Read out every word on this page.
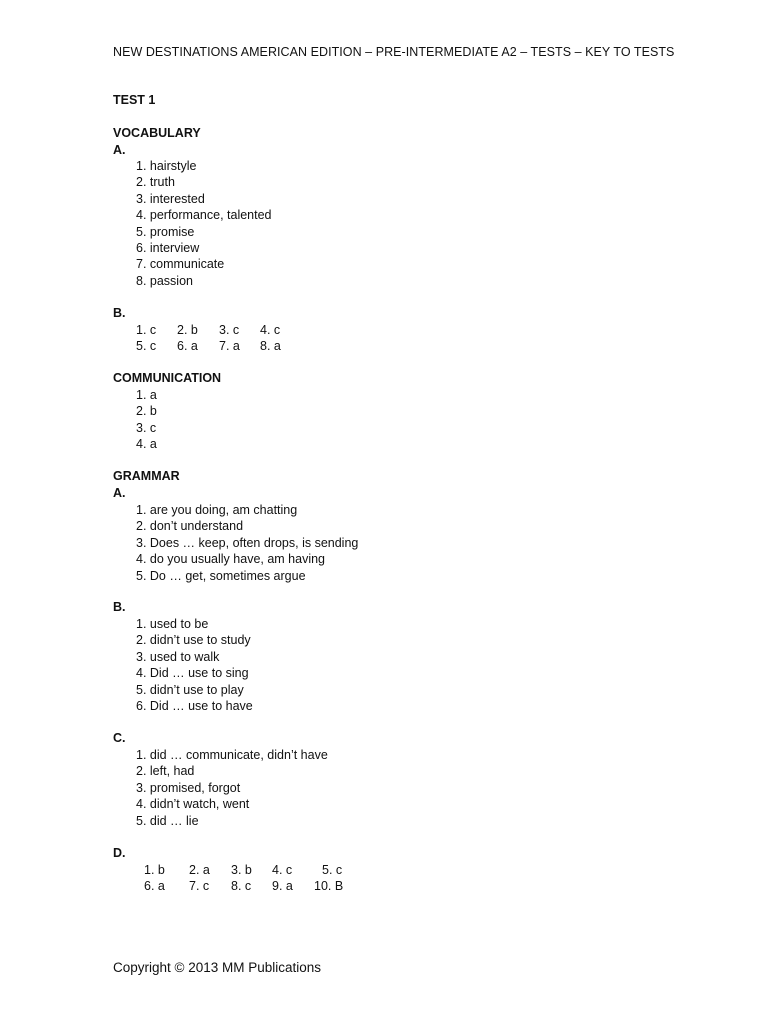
NEW DESTINATIONS AMERICAN EDITION – PRE-INTERMEDIATE A2 – TESTS – KEY TO TESTS
TEST 1
VOCABULARY
A.
1. hairstyle
2. truth
3. interested
4. performance, talented
5. promise
6. interview
7. communicate
8. passion
B.
1. c 2. b 3. c 4. c
5. c 6. a 7. a 8. a
COMMUNICATION
1. a
2. b
3. c
4. a
GRAMMAR
A.
1. are you doing, am chatting
2. don’t understand
3. Does … keep, often drops, is sending
4. do you usually have, am having
5. Do … get, sometimes argue
B.
1. used to be
2. didn’t use to study
3. used to walk
4. Did … use to sing
5. didn’t use to play
6. Did … use to have
C.
1. did … communicate, didn’t have
2. left, had
3. promised, forgot
4. didn’t watch, went
5. did … lie
D.
1. b 2. a 3. b 4. c 5. c
6. a 7. c 8. c 9. a 10. B
Copyright © 2013 MM Publications
